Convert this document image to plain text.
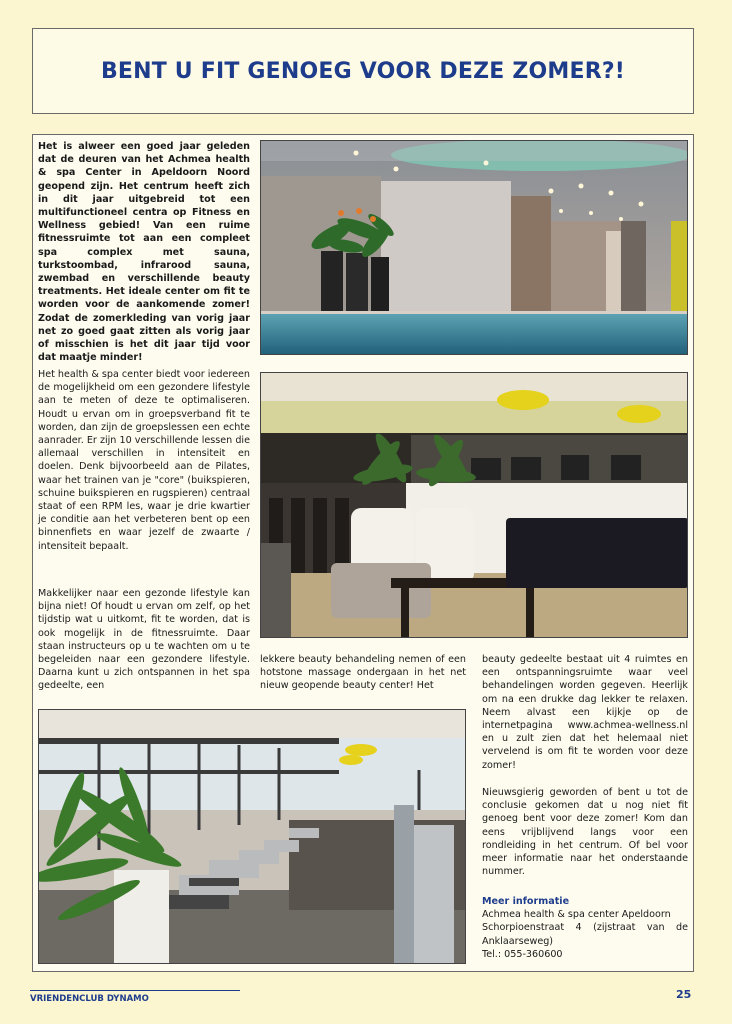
BENT U FIT GENOEG VOOR DEZE ZOMER?!

Het is alweer een goed jaar geleden dat de deuren van het Achmea health & spa Center in Apeldoorn Noord geopend zijn. Het centrum heeft zich in dit jaar uitgebreid tot een multifunctioneel centra op Fitness en Wellness gebied! Van een ruime fitnessruimte tot aan een compleet spa complex met sauna, turkstoombad, infrarood sauna, zwembad en verschillende beauty treatments. Het ideale center om fit te worden voor de aankomende zomer! Zodat de zomerkleding van vorig jaar net zo goed gaat zitten als vorig jaar of misschien is het dit jaar tijd voor dat maatje minder!

Het health & spa center biedt voor iedereen de mogelijkheid om een gezondere lifestyle aan te meten of deze te optimaliseren. Houdt u ervan om in groepsverband fit te worden, dan zijn de groepslessen een echte aanrader. Er zijn 10 verschillende lessen die allemaal verschillen in intensiteit en doelen. Denk bijvoorbeeld aan de Pilates, waar het trainen van je "core" (buikspieren, schuine buikspieren en rugspieren) centraal staat of een RPM les, waar je drie kwartier je conditie aan het verbeteren bent op een binnenfiets en waar jezelf de zwaarte / intensiteit bepaalt.

Makkelijker naar een gezonde lifestyle kan bijna niet! Of houdt u ervan om zelf, op het tijdstip wat u uitkomt, fit te worden, dat is ook mogelijk in de fitnessruimte. Daar staan instructeurs op u te wachten om u te begeleiden naar een gezondere lifestyle. Daarna kunt u zich ontspannen in het spa gedeelte, een

lekkere beauty behandeling nemen of een hotstone massage ondergaan in het net nieuw geopende beauty center! Het

beauty gedeelte bestaat uit 4 ruimtes en een ontspanningsruimte waar veel behandelingen worden gegeven. Heerlijk om na een drukke dag lekker te relaxen. Neem alvast een kijkje op de internetpagina www.achmea-wellness.nl en u zult zien dat het helemaal niet vervelend is om fit te worden voor deze zomer!

Nieuwsgierig geworden of bent u tot de conclusie gekomen dat u nog niet fit genoeg bent voor deze zomer! Kom dan eens vrijblijvend langs voor een rondleiding in het centrum. Of bel voor meer informatie naar het onderstaande nummer.

Meer informatie

Achmea health & spa center Apeldoorn

Schorpioenstraat 4 (zijstraat van de Anklaarseweg)

Tel.: 055-360600

VRIENDENCLUB DYNAMO	25
